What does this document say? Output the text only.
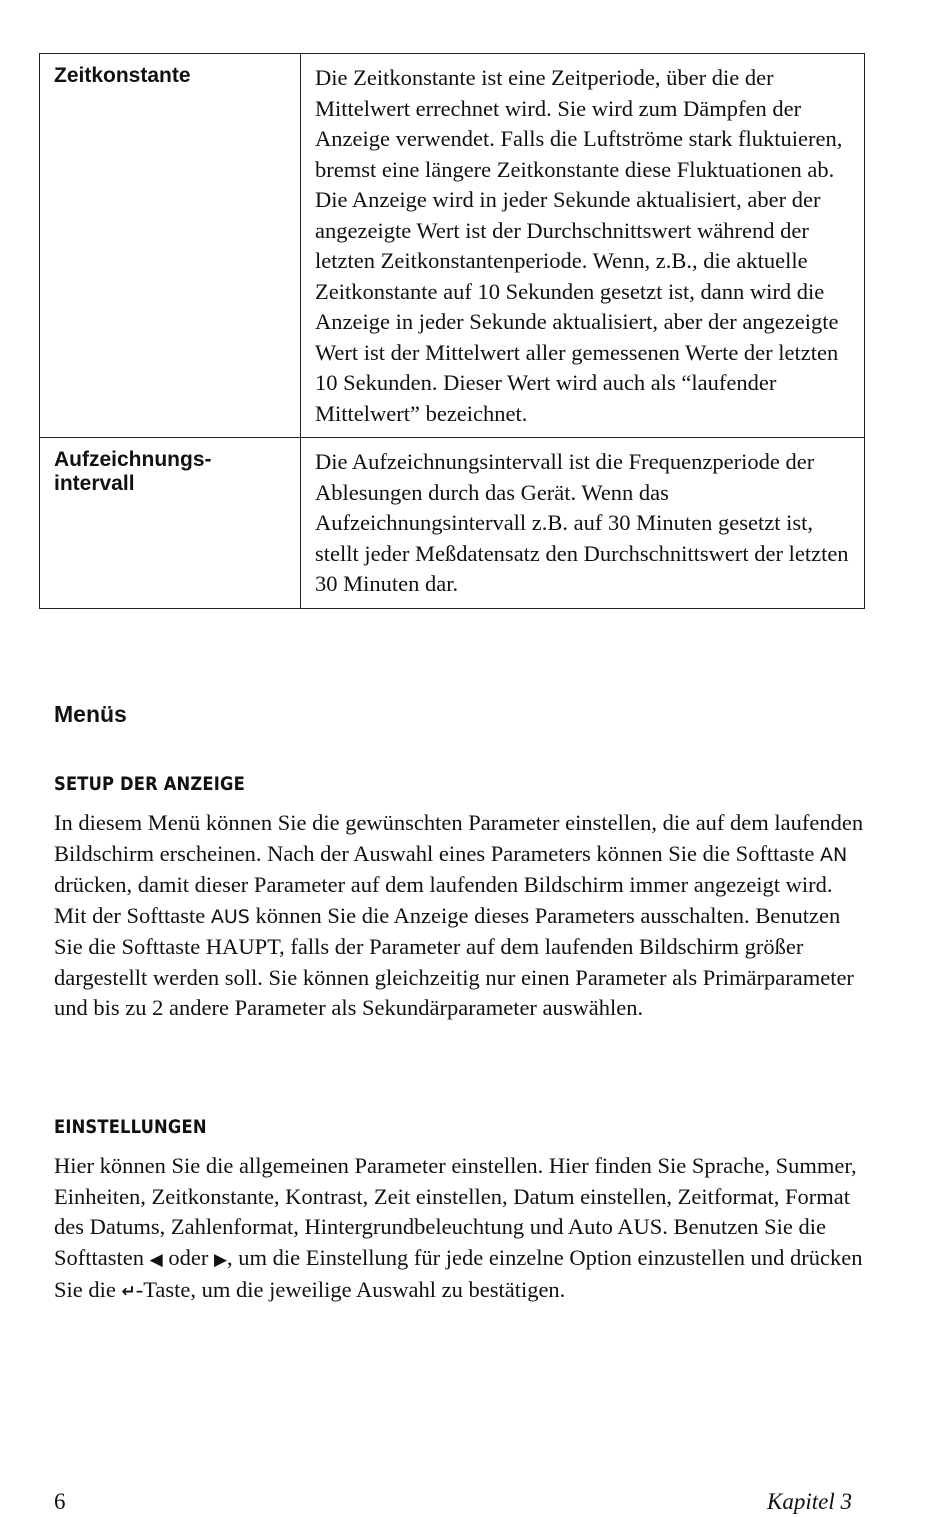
Zeitkonstante	Die Zeitkonstante ist eine Zeitperiode, über die der Mittelwert errechnet wird. Sie wird zum Dämpfen der Anzeige verwendet. Falls die Luftströme stark fluktuieren, bremst eine längere Zeitkonstante diese Fluktuationen ab. Die Anzeige wird in jeder Sekunde aktualisiert, aber der angezeigte Wert ist der Durchschnittswert während der letzten Zeitkonstantenperiode. Wenn, z.B., die aktuelle Zeitkonstante auf 10 Sekunden gesetzt ist, dann wird die Anzeige in jeder Sekunde aktualisiert, aber der angezeigte Wert ist der Mittelwert aller gemessenen Werte der letzten 10 Sekunden. Dieser Wert wird auch als “laufender Mittelwert” bezeichnet.

Aufzeichnungs-
intervall	Die Aufzeichnungsintervall ist die Frequenzperiode der Ablesungen durch das Gerät. Wenn das Aufzeichnungsintervall z.B. auf 30 Minuten gesetzt ist, stellt jeder Meßdatensatz den Durchschnittswert der letzten 30 Minuten dar.
Menüs
SETUP DER ANZEIGE

In diesem Menü können Sie die gewünschten Parameter einstellen, die auf dem laufenden Bildschirm erscheinen. Nach der Auswahl eines Parameters können Sie die Softtaste AN drücken, damit dieser Parameter auf dem laufenden Bildschirm immer angezeigt wird. Mit der Softtaste AUS können Sie die Anzeige dieses Parameters ausschalten. Benutzen Sie die Softtaste HAUPT, falls der Parameter auf dem laufenden Bildschirm größer dargestellt werden soll. Sie können gleichzeitig nur einen Parameter als Primärparameter und bis zu 2 andere Parameter als Sekundärparameter auswählen.

EINSTELLUNGEN

Hier können Sie die allgemeinen Parameter einstellen. Hier finden Sie Sprache, Summer, Einheiten, Zeitkonstante, Kontrast, Zeit einstellen, Datum einstellen, Zeitformat, Format des Datums, Zahlenformat, Hintergrundbeleuchtung und Auto AUS. Benutzen Sie die Softtasten ◀ oder ▶, um die Einstellung für jede einzelne Option einzustellen und drücken Sie die ↵-Taste, um die jeweilige Auswahl zu bestätigen.

6	Kapitel 3
